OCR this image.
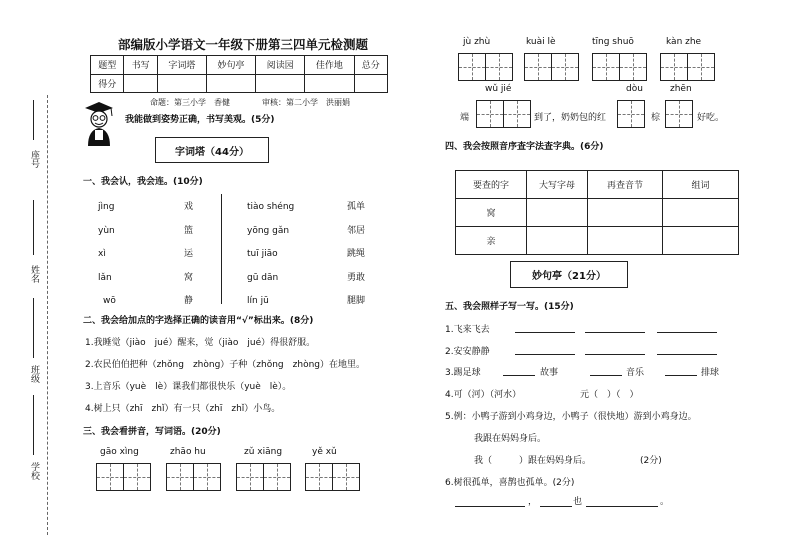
座号
姓名
班级
学校
部编版小学语文一年级下册第三四单元检测题
题型	书写	字词塔	妙句亭	阅读园	佳作地	总分
得分						
命题：第三小学　香健	审核：第二小学　洪丽娟
我能做到姿势正确，书写美观。(5分)
字词塔（44分）
一、我会认，我会连。(10分)
jìng
yùn
xì
lǎn
wō
戏
篮
运
窝
静
tiào shéng
yōng gǎn
tuī jiāo
gū dān
lín jū
孤单
邻居
跳绳
勇敢
腿脚
二、我会给加点的字选择正确的读音用“√”标出来。(8分)
1.我睡觉（jiào　jué）醒来，觉（jiào　jué）得很舒服。
2.农民伯伯把种（zhǒng　zhòng）子种（zhǒng　zhòng）在地里。
3.上音乐（yuè　lè）课我们都很快乐（yuè　lè）。
4.树上只（zhī　zhǐ）有一只（zhī　zhǐ）小鸟。
三、我会看拼音，写词语。(20分)
gāo xìng	zhāo hu	zǔ xiāng	yě xǔ
jù zhù	kuài lè	tīng shuō	kàn zhe
wǔ jié	dòu	zhēn
端	到了，奶奶包的红	棕	好吃。
四、我会按照音序查字法查字典。(6分)
要查的字	大写字母	再查音节	组词
窝			
亲			
妙句亭（21分）
五、我会照样子写一写。(15分)
1.飞来飞去
2.安安静静
3.踢足球	故事	音乐	排球
4.可（河）（河水）	元（　）（　）
5.例：小鸭子游到小鸡身边，小鸭子（很快地）游到小鸡身边。
我跟在妈妈身后。
我（　　　）跟在妈妈身后。	(2分)
6.树很孤单，喜鹊也孤单。(2分)
，	也	。
